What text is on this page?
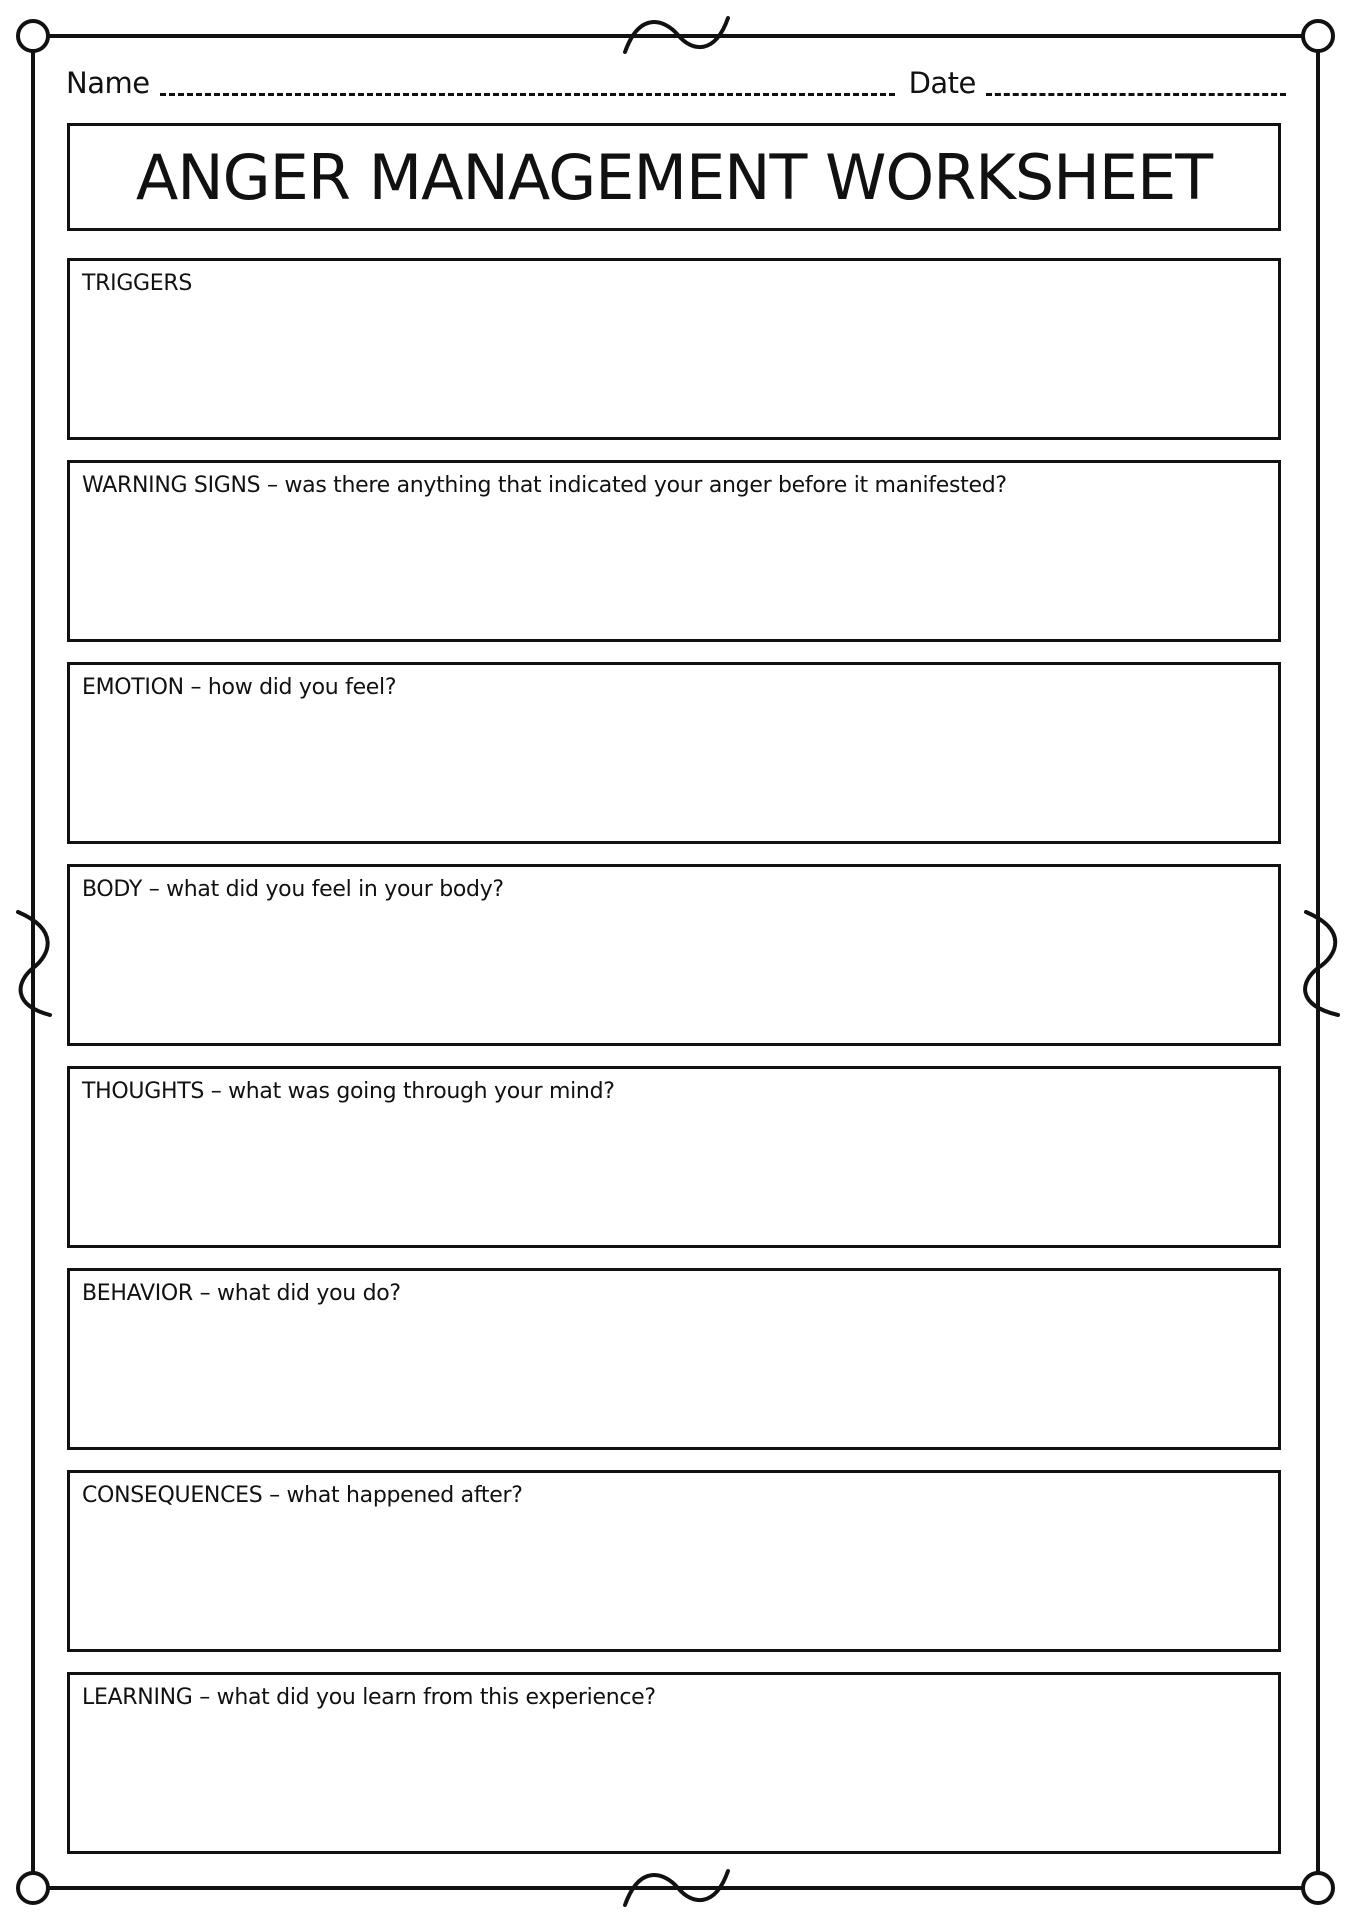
Name	Date
ANGER MANAGEMENT WORKSHEET
TRIGGERS
WARNING SIGNS – was there anything that indicated your anger before it manifested?
EMOTION – how did you feel?
BODY – what did you feel in your body?
THOUGHTS – what was going through your mind?
BEHAVIOR – what did you do?
CONSEQUENCES – what happened after?
LEARNING – what did you learn from this experience?
